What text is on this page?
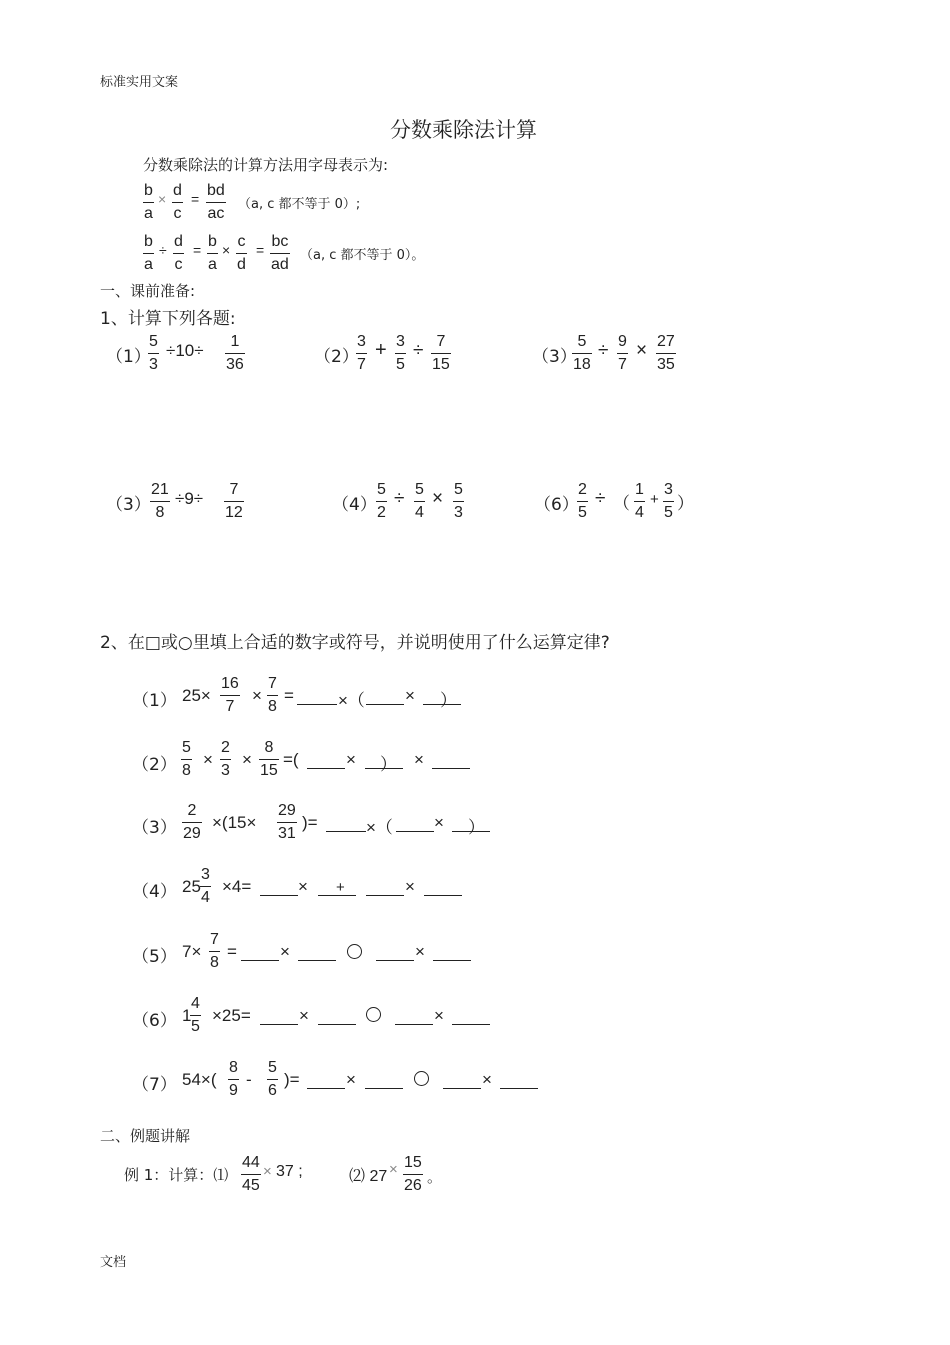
标准实用文案
分数乘除法计算
文档
分数乘除法的计算方法用字母表示为:
$\frac{b}{a} \times \frac{d}{c} = \frac{bd}{ac} (a$, c 都不等于 0）;
$\frac{b}{a} \div \frac{d}{c} = \frac{b}{a} \times \frac{c}{d} = \frac{bc}{ad} (a$, c 都不等于 0）。
一、课前准备:
1、计算下列各题:
（1）
$\frac{5}{3} \div 10\div \frac{1}{36}$	（2）
$\frac{3}{7} + \frac{3}{5} \div \frac{7}{15}$	（3）
$\frac{5}{18} \div \frac{9}{7} \times \frac{27}{35}$
$(3) \frac{21}{8} \div 9\div \frac{7}{12}$	$(4) \frac{5}{2} \div \frac{5}{4} \times \frac{5}{3}$	（6）
$\frac{2}{5}$ ÷ （ $\frac{1}{4} + \frac{3}{5}$ ）
2、在□或○里填上合适的数字或符号，并说明使用了什么运算定律?
（1） $25\times \frac{16}{7} \times \frac{7}{8}$ =	×（ × ）
$(2) \frac{5}{8} \times \frac{2}{3} \times \frac{8}{15}$ =(	× ） ×
$(3) \frac{2}{29} \times(15\times \frac{29}{31}$ )=	×（ × ）
（4） $25 \frac{3}{4} \times 4=$	× +	×
（5） $7\times \frac{7}{8}$ =	×	×
（6） 1
$\frac{4}{5} \times 25=$	×	×
（7） $54\times( \frac{8}{9} - \frac{5}{6}$ )=	×	×
二、例题讲解
例 1：计算：⑴ $\frac{44}{45} \times 37$ ;	⑵ $27 \times \frac{15}{26}$ 。
